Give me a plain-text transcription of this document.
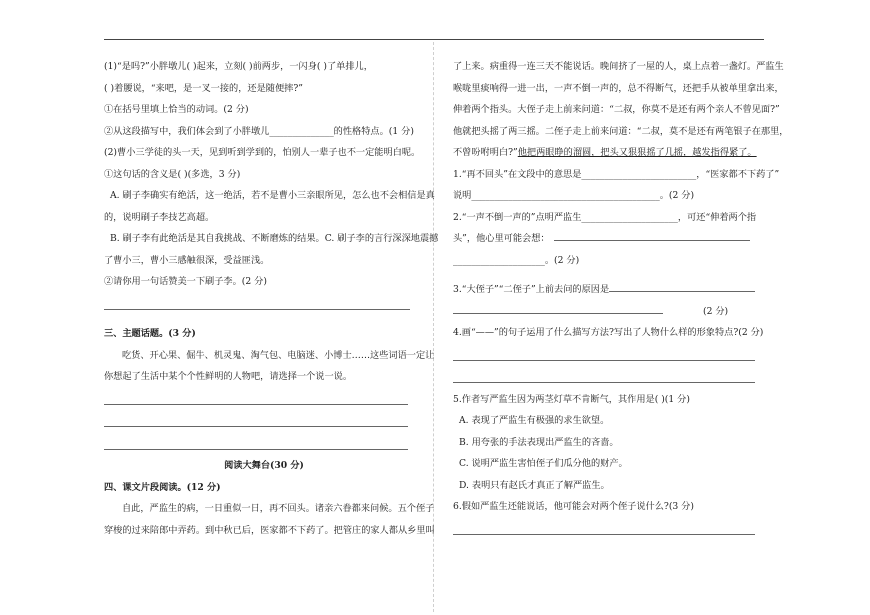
(1)“是吗?”小胖墩儿( )起来，立刻( )前两步，一闪身( )了单排儿，
( )着腰说，“来吧，是一叉一接的，还是随便摔?”
①在括号里填上恰当的动词。(2 分)
②从这段描写中，我们体会到了小胖墩儿______________的性格特点。(1 分)
(2)曹小三学徒的头一天，见到听到学到的，怕别人一辈子也不一定能明白呢。
①这句话的含义是( )(多选，3 分)
A. 刷子李确实有绝活，这一绝活，若不是曹小三亲眼所见，怎么也不会相信是真
的，说明刷子李技艺高超。
B. 刷子李有此绝活是其自我挑战、不断磨炼的结果。C. 刷子李的言行深深地震撼
了曹小三，曹小三感触很深，受益匪浅。
②请你用一句话赞美一下刷子李。(2 分)
三、主题话题。(3 分)
吃货、开心果、倔牛、机灵鬼、淘气包、电脑迷、小博士……这些词语一定让
你想起了生活中某个个性鲜明的人物吧，请选择一个说一说。
阅读大舞台(30 分)
四、课文片段阅读。(12 分)
自此，严监生的病，一日重似一日，再不回头。诸亲六眷都来问候。五个侄子
穿梭的过来陪郎中弄药。到中秋已后，医家都不下药了。把管庄的家人都从乡里叫
了上来。病重得一连三天不能说话。晚间挤了一屋的人，桌上点着一盏灯。严监生
喉咙里痰响得一进一出，一声不倒一声的，总不得断气，还把手从被单里拿出来，
伸着两个指头。大侄子走上前来问道：“二叔，你莫不是还有两个亲人不曾见面?”
他就把头摇了两三摇。二侄子走上前来问道：“二叔，莫不是还有两笔银子在那里，
不曾吩咐明白?”他把两眼睁的溜圆，把头又狠狠摇了几摇，越发指得紧了。
1.“再不回头”在文段中的意思是_________________________，“医家都不下药了”
说明_________________________________________。(2 分)
2.“一声不倒一声的”点明严监生_____________________，可还“伸着两个指
头”，他心里可能会想：
____________________。(2 分)
3.“大侄子”“二侄子”上前去问的原因是
(2 分)
4.画“——”的句子运用了什么描写方法?写出了人物什么样的形象特点?(2 分)
5.作者写严监生因为两茎灯草不肯断气，其作用是( )(1 分)
A. 表现了严监生有极强的求生欲望。
B. 用夸张的手法表现出严监生的吝啬。
C. 说明严监生害怕侄子们瓜分他的财产。
D. 表明只有赵氏才真正了解严监生。
6.假如严监生还能说话，他可能会对两个侄子说什么?(3 分)
